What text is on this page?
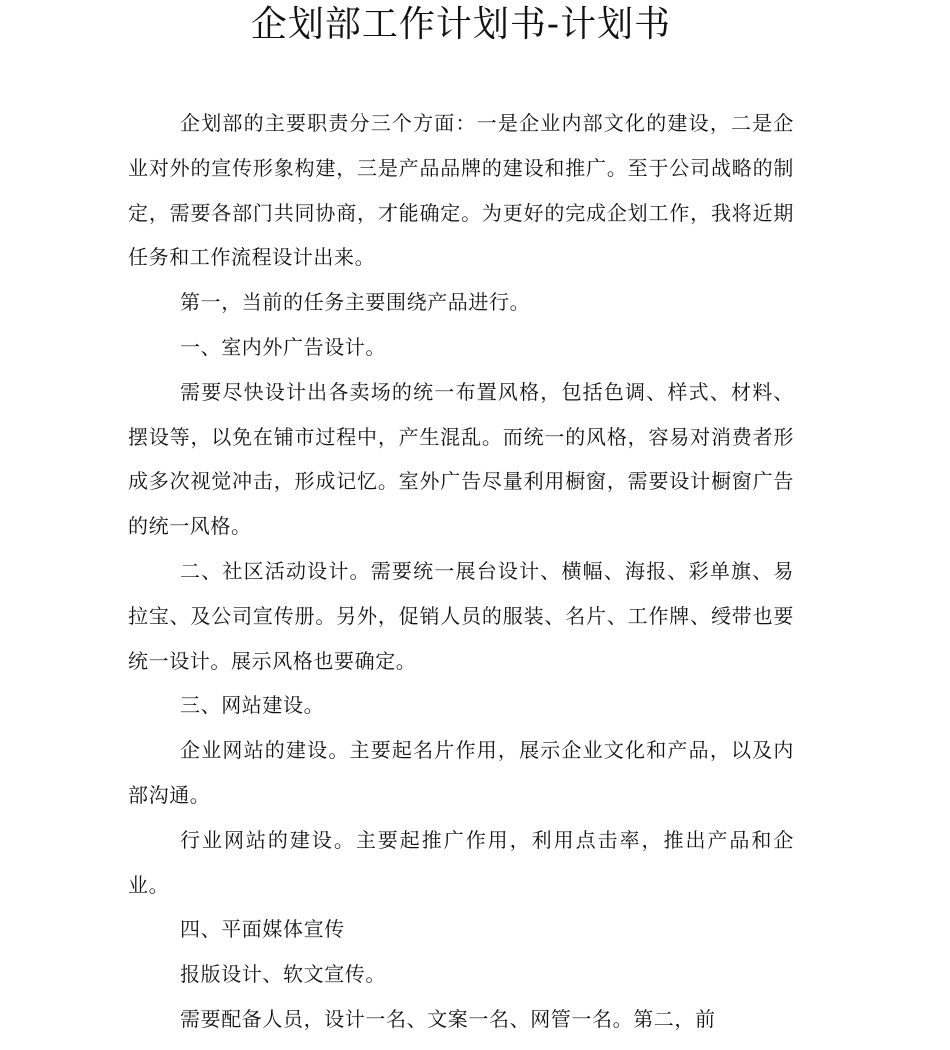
企划部工作计划书-计划书

企划部的主要职责分三个方面：一是企业内部文化的建设，二是企业对外的宣传形象构建，三是产品品牌的建设和推广。至于公司战略的制定，需要各部门共同协商，才能确定。为更好的完成企划工作，我将近期任务和工作流程设计出来。

第一，当前的任务主要围绕产品进行。

一、室内外广告设计。

需要尽快设计出各卖场的统一布置风格，包括色调、样式、材料、摆设等，以免在铺市过程中，产生混乱。而统一的风格，容易对消费者形成多次视觉冲击，形成记忆。室外广告尽量利用橱窗，需要设计橱窗广告的统一风格。

二、社区活动设计。需要统一展台设计、横幅、海报、彩单旗、易拉宝、及公司宣传册。另外，促销人员的服装、名片、工作牌、绶带也要统一设计。展示风格也要确定。

三、网站建设。

企业网站的建设。主要起名片作用，展示企业文化和产品，以及内部沟通。

行业网站的建设。主要起推广作用，利用点击率，推出产品和企业。

四、平面媒体宣传

报版设计、软文宣传。

需要配备人员，设计一名、文案一名、网管一名。第二，前
